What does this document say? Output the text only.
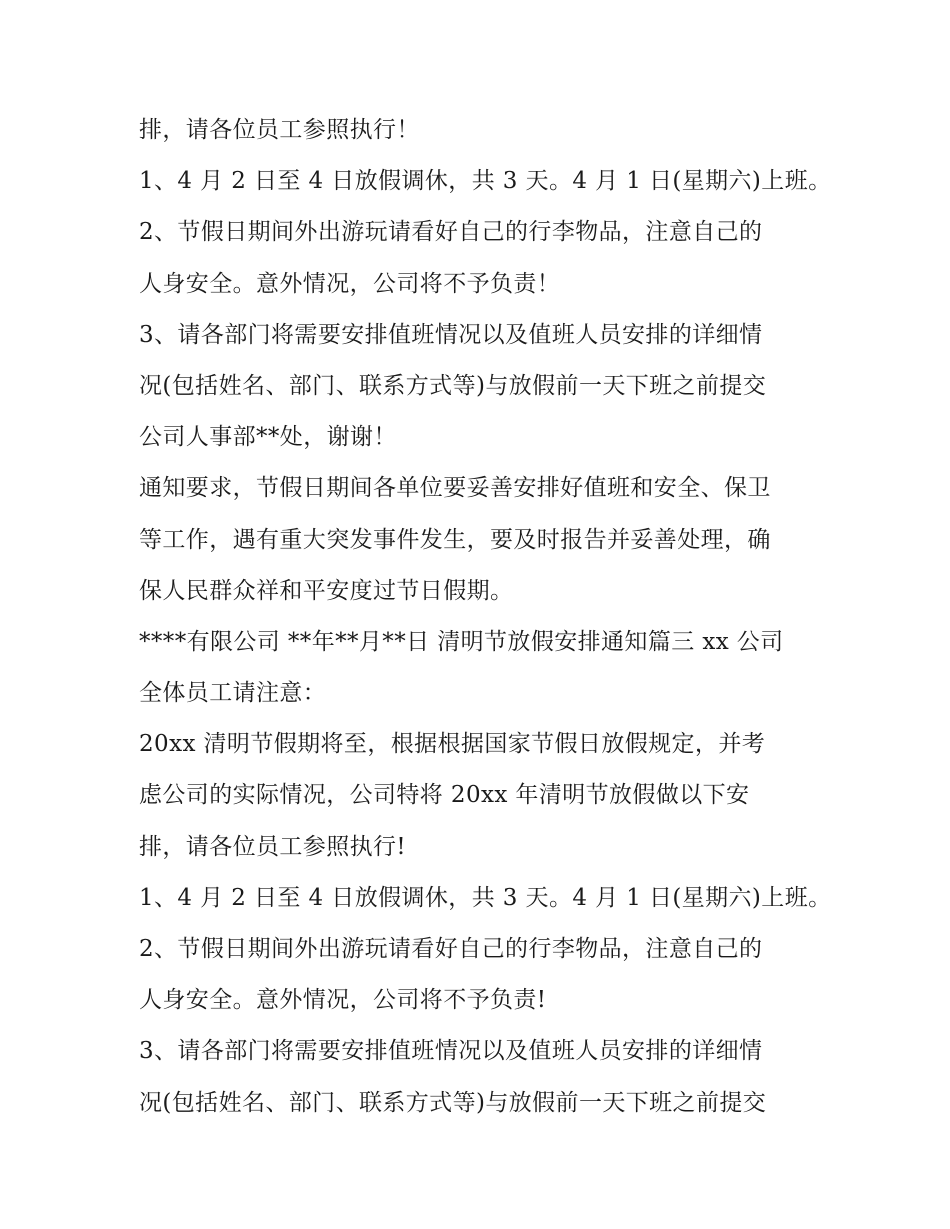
排，请各位员工参照执行！
1、4 月 2 日至 4 日放假调休，共 3 天。4 月 1 日(星期六)上班。
2、节假日期间外出游玩请看好自己的行李物品，注意自己的
人身安全。意外情况，公司将不予负责！
3、请各部门将需要安排值班情况以及值班人员安排的详细情
况(包括姓名、部门、联系方式等)与放假前一天下班之前提交
公司人事部**处，谢谢！
通知要求，节假日期间各单位要妥善安排好值班和安全、保卫
等工作，遇有重大突发事件发生，要及时报告并妥善处理，确
保人民群众祥和平安度过节日假期。
****有限公司 **年**月**日 清明节放假安排通知篇三 xx 公司
全体员工请注意：
20xx 清明节假期将至，根据根据国家节假日放假规定，并考
虑公司的实际情况，公司特将 20xx 年清明节放假做以下安
排，请各位员工参照执行!
1、4 月 2 日至 4 日放假调休，共 3 天。4 月 1 日(星期六)上班。
2、节假日期间外出游玩请看好自己的行李物品，注意自己的
人身安全。意外情况，公司将不予负责!
3、请各部门将需要安排值班情况以及值班人员安排的详细情
况(包括姓名、部门、联系方式等)与放假前一天下班之前提交
